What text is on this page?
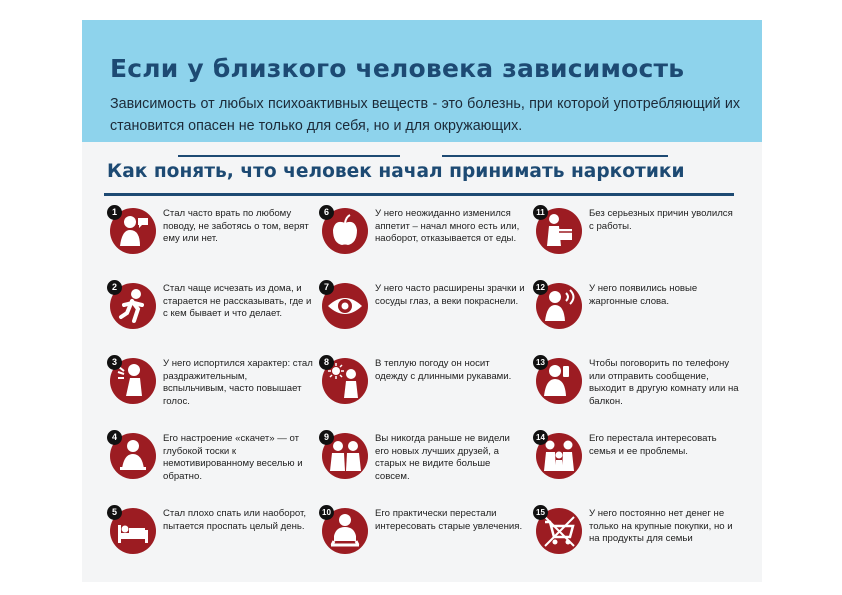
Если у близкого человека зависимость
Зависимость от любых психоактивных веществ - это болезнь, при которой употребляющий их становится опасен не только для себя, но и для окружающих.
Как понять, что человек начал принимать наркотики
1	Стал часто врать по любому поводу, не заботясь о том, верят ему или нет.
2	Стал чаще исчезать из дома, и старается не рассказывать, где и с кем бывает и что делает.
3	У него испортился характер: стал раздражительным, вспыльчивым, часто повышает голос.
4	Его настроение «скачет» — от глубокой тоски к немотивированному веселью и обратно.
5	Стал плохо спать или наоборот, пытается проспать целый день.
6	У него неожиданно изменился аппетит – начал много есть или, наоборот, отказывается от еды.
7	У него часто расширены зрачки и сосуды глаз, а веки покраснели.
8	В теплую погоду он носит одежду с длинными рукавами.
9	Вы никогда раньше не видели его новых лучших друзей, а старых не видите больше совсем.
10	Его практически перестали интересовать старые увлечения.
11	Без серьезных причин уволился с работы.
12	У него появились новые жаргонные слова.
13	Чтобы поговорить по телефону или отправить сообщение, выходит в другую комнату или на балкон.
14	Его перестала интересовать семья и ее проблемы.
15	У него постоянно нет денег не только на крупные покупки, но и на продукты для семьи
